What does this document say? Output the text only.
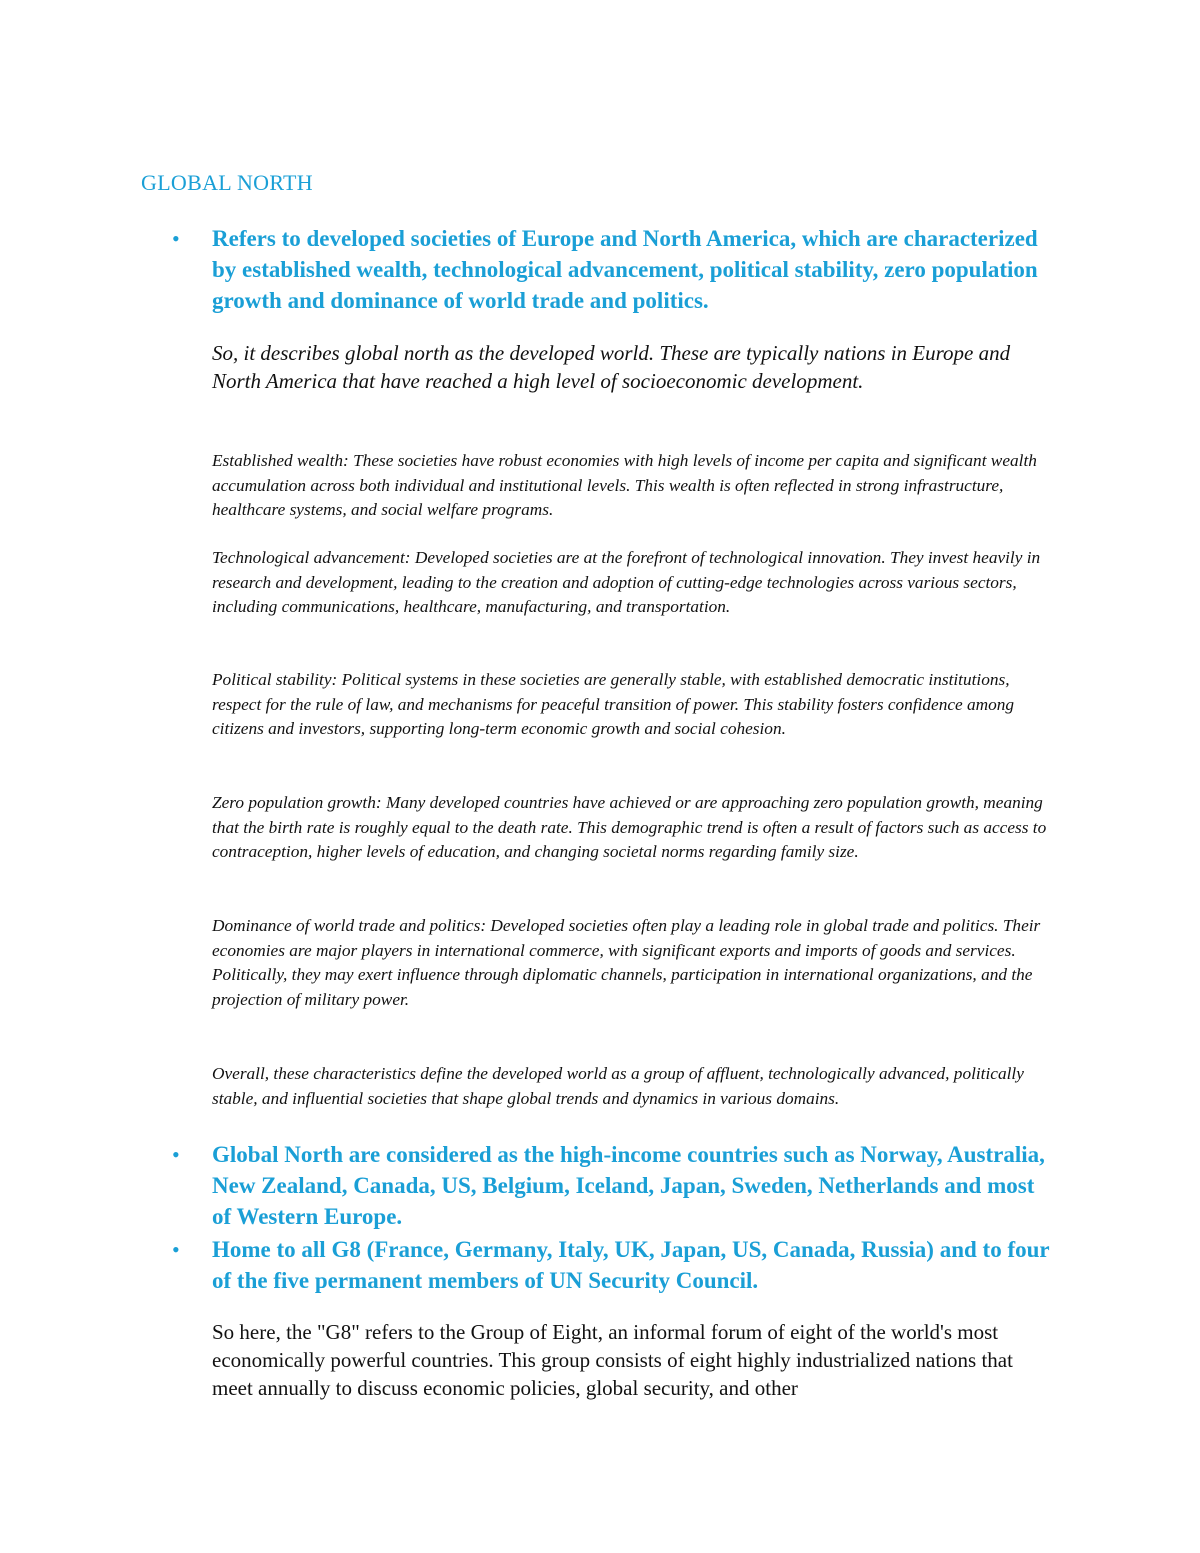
GLOBAL NORTH
• Refers to developed societies of Europe and North America, which are characterized by established wealth, technological advancement, political stability, zero population growth and dominance of world trade and politics.
So, it describes global north as the developed world. These are typically nations in Europe and North America that have reached a high level of socioeconomic development.
Established wealth: These societies have robust economies with high levels of income per capita and significant wealth accumulation across both individual and institutional levels. This wealth is often reflected in strong infrastructure, healthcare systems, and social welfare programs.
Technological advancement: Developed societies are at the forefront of technological innovation. They invest heavily in research and development, leading to the creation and adoption of cutting-edge technologies across various sectors, including communications, healthcare, manufacturing, and transportation.
Political stability: Political systems in these societies are generally stable, with established democratic institutions, respect for the rule of law, and mechanisms for peaceful transition of power. This stability fosters confidence among citizens and investors, supporting long-term economic growth and social cohesion.
Zero population growth: Many developed countries have achieved or are approaching zero population growth, meaning that the birth rate is roughly equal to the death rate. This demographic trend is often a result of factors such as access to contraception, higher levels of education, and changing societal norms regarding family size.
Dominance of world trade and politics: Developed societies often play a leading role in global trade and politics. Their economies are major players in international commerce, with significant exports and imports of goods and services. Politically, they may exert influence through diplomatic channels, participation in international organizations, and the projection of military power.
Overall, these characteristics define the developed world as a group of affluent, technologically advanced, politically stable, and influential societies that shape global trends and dynamics in various domains.
• Global North are considered as the high-income countries such as Norway, Australia, New Zealand, Canada, US, Belgium, Iceland, Japan, Sweden, Netherlands and most of Western Europe.
• Home to all G8 (France, Germany, Italy, UK, Japan, US, Canada, Russia) and to four of the five permanent members of UN Security Council.
So here, the "G8" refers to the Group of Eight, an informal forum of eight of the world's most economically powerful countries. This group consists of eight highly industrialized nations that meet annually to discuss economic policies, global security, and other
